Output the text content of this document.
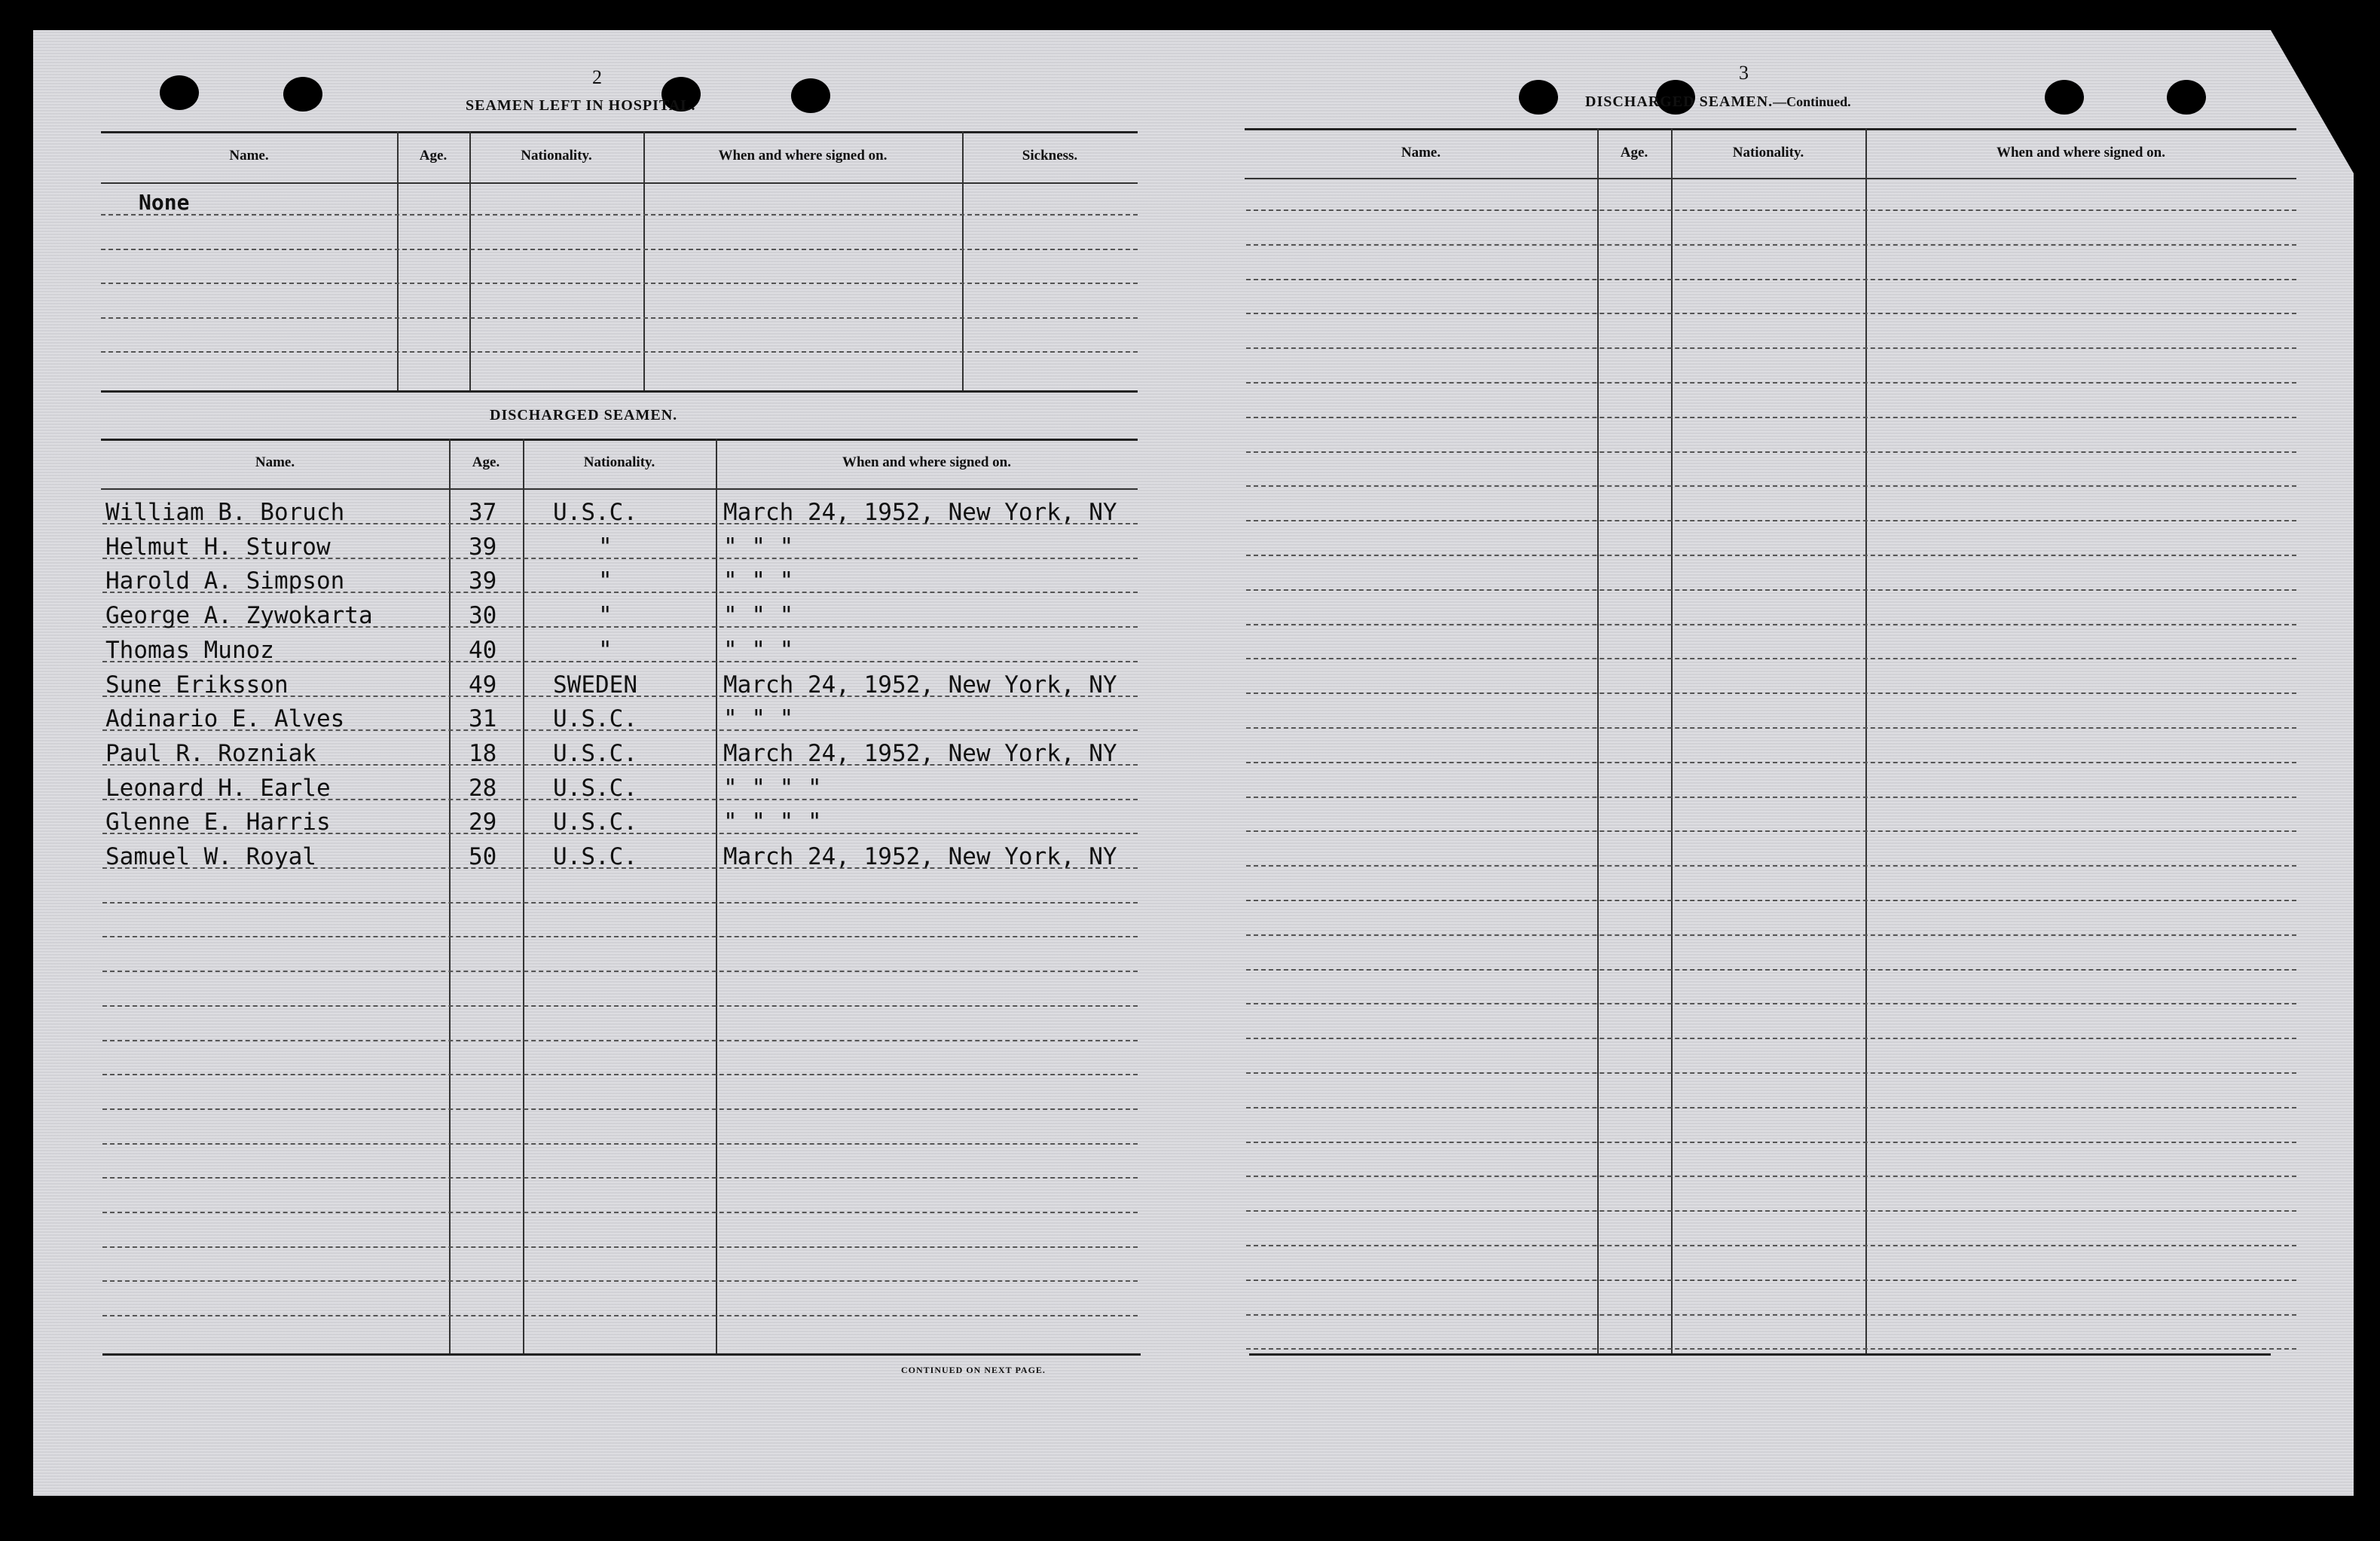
2
SEAMEN LEFT IN HOSPITAL.
Name.	Age.	Nationality.	When and where signed on.	Sickness.
None
DISCHARGED SEAMEN.
Name.	Age.	Nationality.	When and where signed on.
William B. Boruch	37 U.S.C.	March 24, 1952, New York, NY
Helmut H. Sturow	39	"	" " "
Harold A. Simpson	39	"	" " "
George A. Zywokarta	30	"	" " "
Thomas Munoz	40	"	" " "
Sune Eriksson	49 SWEDEN	March 24, 1952, New York, NY
Adinario E. Alves	31 U.S.C.	" " "
Paul R. Rozniak	18 U.S.C.	March 24, 1952, New York, NY
Leonard H. Earle	28 U.S.C.	" " " "
Glenne E. Harris	29 U.S.C.	" " " "
Samuel W. Royal	50 U.S.C.	March 24, 1952, New York, NY
CONTINUED ON NEXT PAGE.
3
DISCHARGED SEAMEN.—Continued.
Name.	Age.	Nationality.	When and where signed on.
